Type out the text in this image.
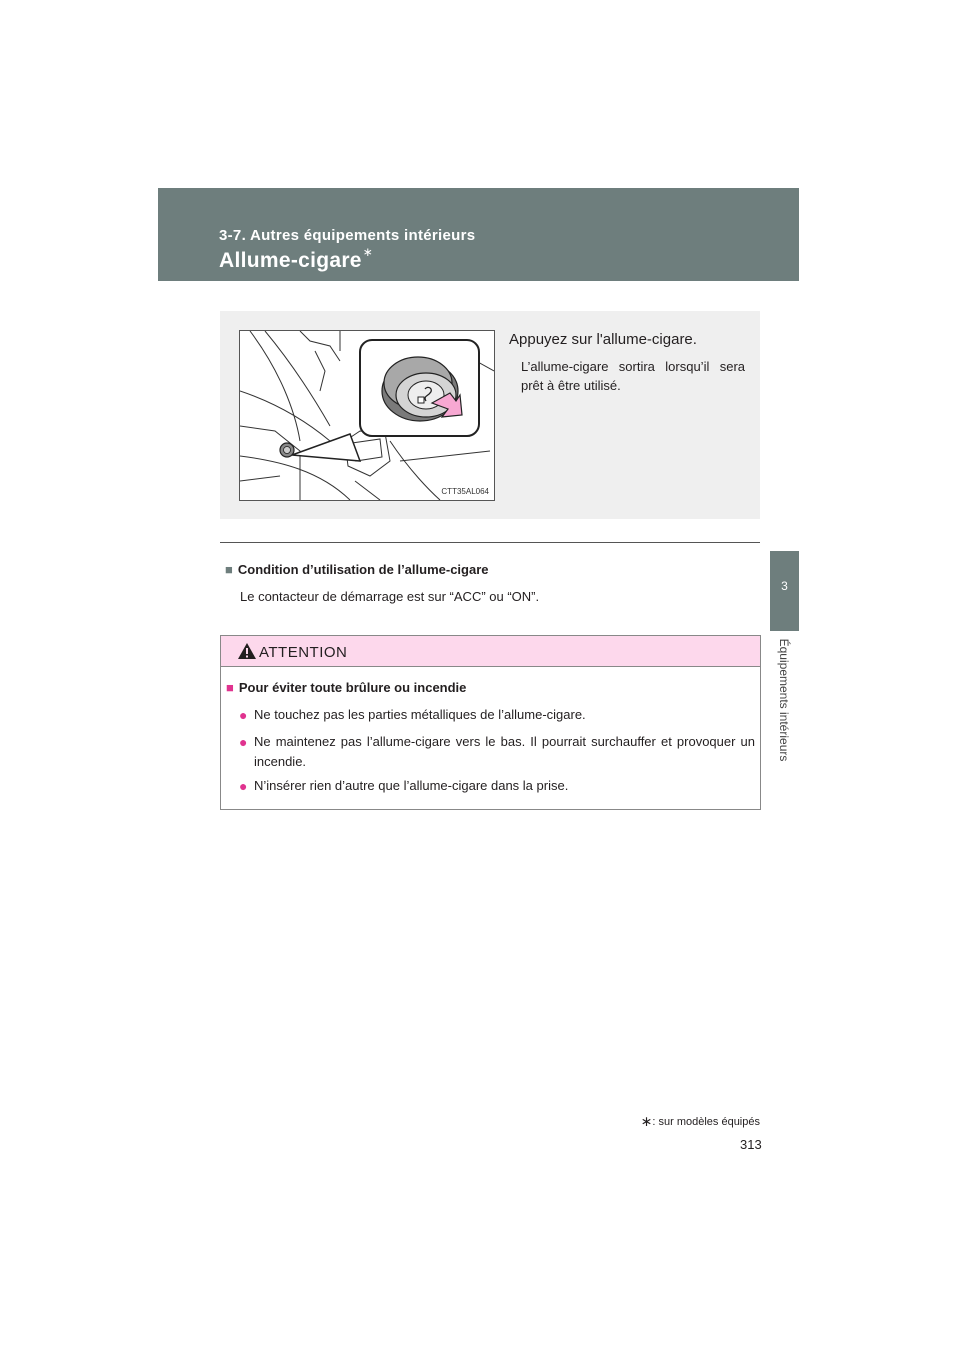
3-7. Autres équipements intérieurs
Allume-cigare∗
3
Équipements intérieurs
CTT35AL064
Appuyez sur l'allume-cigare.
L’allume-cigare sortira lorsqu’il sera prêt à être utilisé.
■ Condition d’utilisation de l’allume-cigare
Le contacteur de démarrage est sur “ACC” ou “ON”.
ATTENTION
■ Pour éviter toute brûlure ou incendie
● Ne touchez pas les parties métalliques de l’allume-cigare.
● Ne maintenez pas l’allume-cigare vers le bas. Il pourrait surchauffer et provoquer un incendie.
● N’insérer rien d’autre que l’allume-cigare dans la prise.
∗: sur modèles équipés
313
